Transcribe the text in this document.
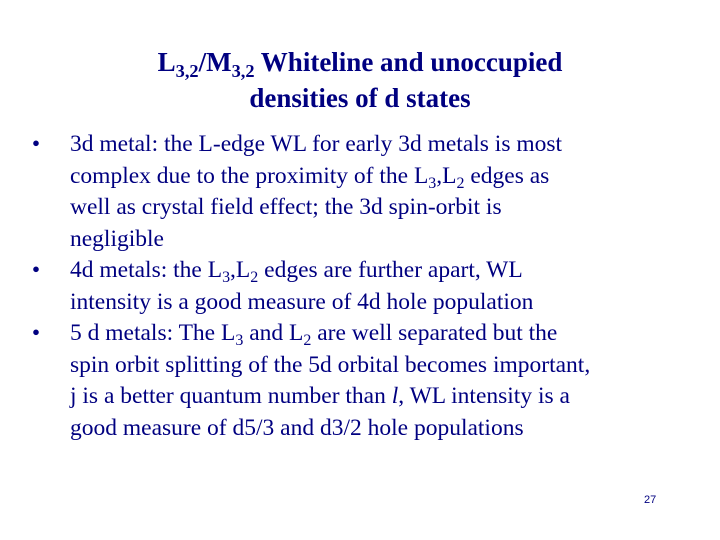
$L_{3,2}/M_{3,2}$ Whiteline and unoccupied
densities of d states
• 3d metal: the L-edge WL for early 3d metals is most
complex due to the proximity of the $L_3,L_2$ edges as
well as crystal field effect; the 3d spin-orbit is
negligible
• 4d metals: the $L_3,L_2$ edges are further apart, WL
intensity is a good measure of 4d hole population
• 5 d metals: The $L_3$ and $L_2$ are well separated but the
spin orbit splitting of the 5d orbital becomes important,
j is a better quantum number than l, WL intensity is a
good measure of d5/3 and d3/2 hole populations
27
